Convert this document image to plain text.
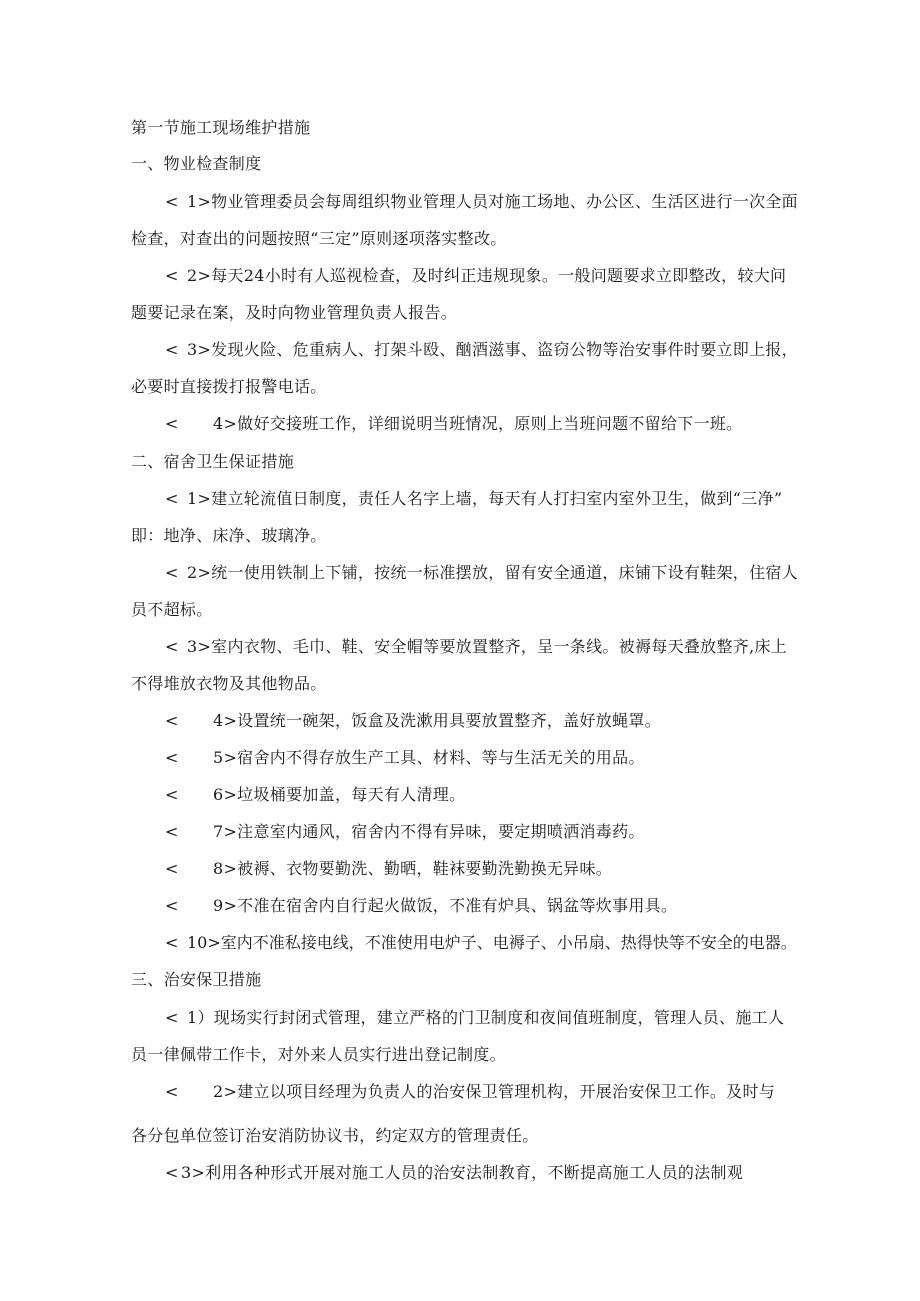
第一节施工现场维护措施
一、物业检查制度
< 1>物业管理委员会每周组织物业管理人员对施工场地、办公区、生活区进行一次全面
检查，对查出的问题按照“三定”原则逐项落实整改。
< 2>每天24小时有人巡视检查，及时纠正违规现象。一般问题要求立即整改，较大问
题要记录在案，及时向物业管理负责人报告。
< 3>发现火险、危重病人、打架斗殴、酗酒滋事、盗窃公物等治安事件时要立即上报，
必要时直接拨打报警电话。
< 4>做好交接班工作，详细说明当班情况，原则上当班问题不留给下一班。
二、宿舍卫生保证措施
< 1>建立轮流值日制度，责任人名字上墙，每天有人打扫室内室外卫生，做到“三净”
即：地净、床净、玻璃净。
< 2>统一使用铁制上下铺，按统一标准摆放，留有安全通道，床铺下设有鞋架，住宿人
员不超标。
< 3>室内衣物、毛巾、鞋、安全帽等要放置整齐，呈一条线。被褥每天叠放整齐,床上
不得堆放衣物及其他物品。
< 4>设置统一碗架，饭盒及洗漱用具要放置整齐，盖好放蝇罩。
< 5>宿舍内不得存放生产工具、材料、等与生活无关的用品。
< 6>垃圾桶要加盖，每天有人清理。
< 7>注意室内通风，宿舍内不得有异味，要定期喷洒消毒药。
< 8>被褥、衣物要勤洗、勤晒，鞋袜要勤洗勤换无异味。
< 9>不准在宿舍内自行起火做饭，不准有炉具、锅盆等炊事用具。
< 10>室内不准私接电线，不准使用电炉子、电褥子、小吊扇、热得快等不安全的电器。
三、治安保卫措施
< 1）现场实行封闭式管理，建立严格的门卫制度和夜间值班制度，管理人员、施工人
员一律佩带工作卡，对外来人员实行进出登记制度。
< 2>建立以项目经理为负责人的治安保卫管理机构，开展治安保卫工作。及时与
各分包单位签订治安消防协议书，约定双方的管理责任。
< 3>利用各种形式开展对施工人员的治安法制教育，不断提高施工人员的法制观
